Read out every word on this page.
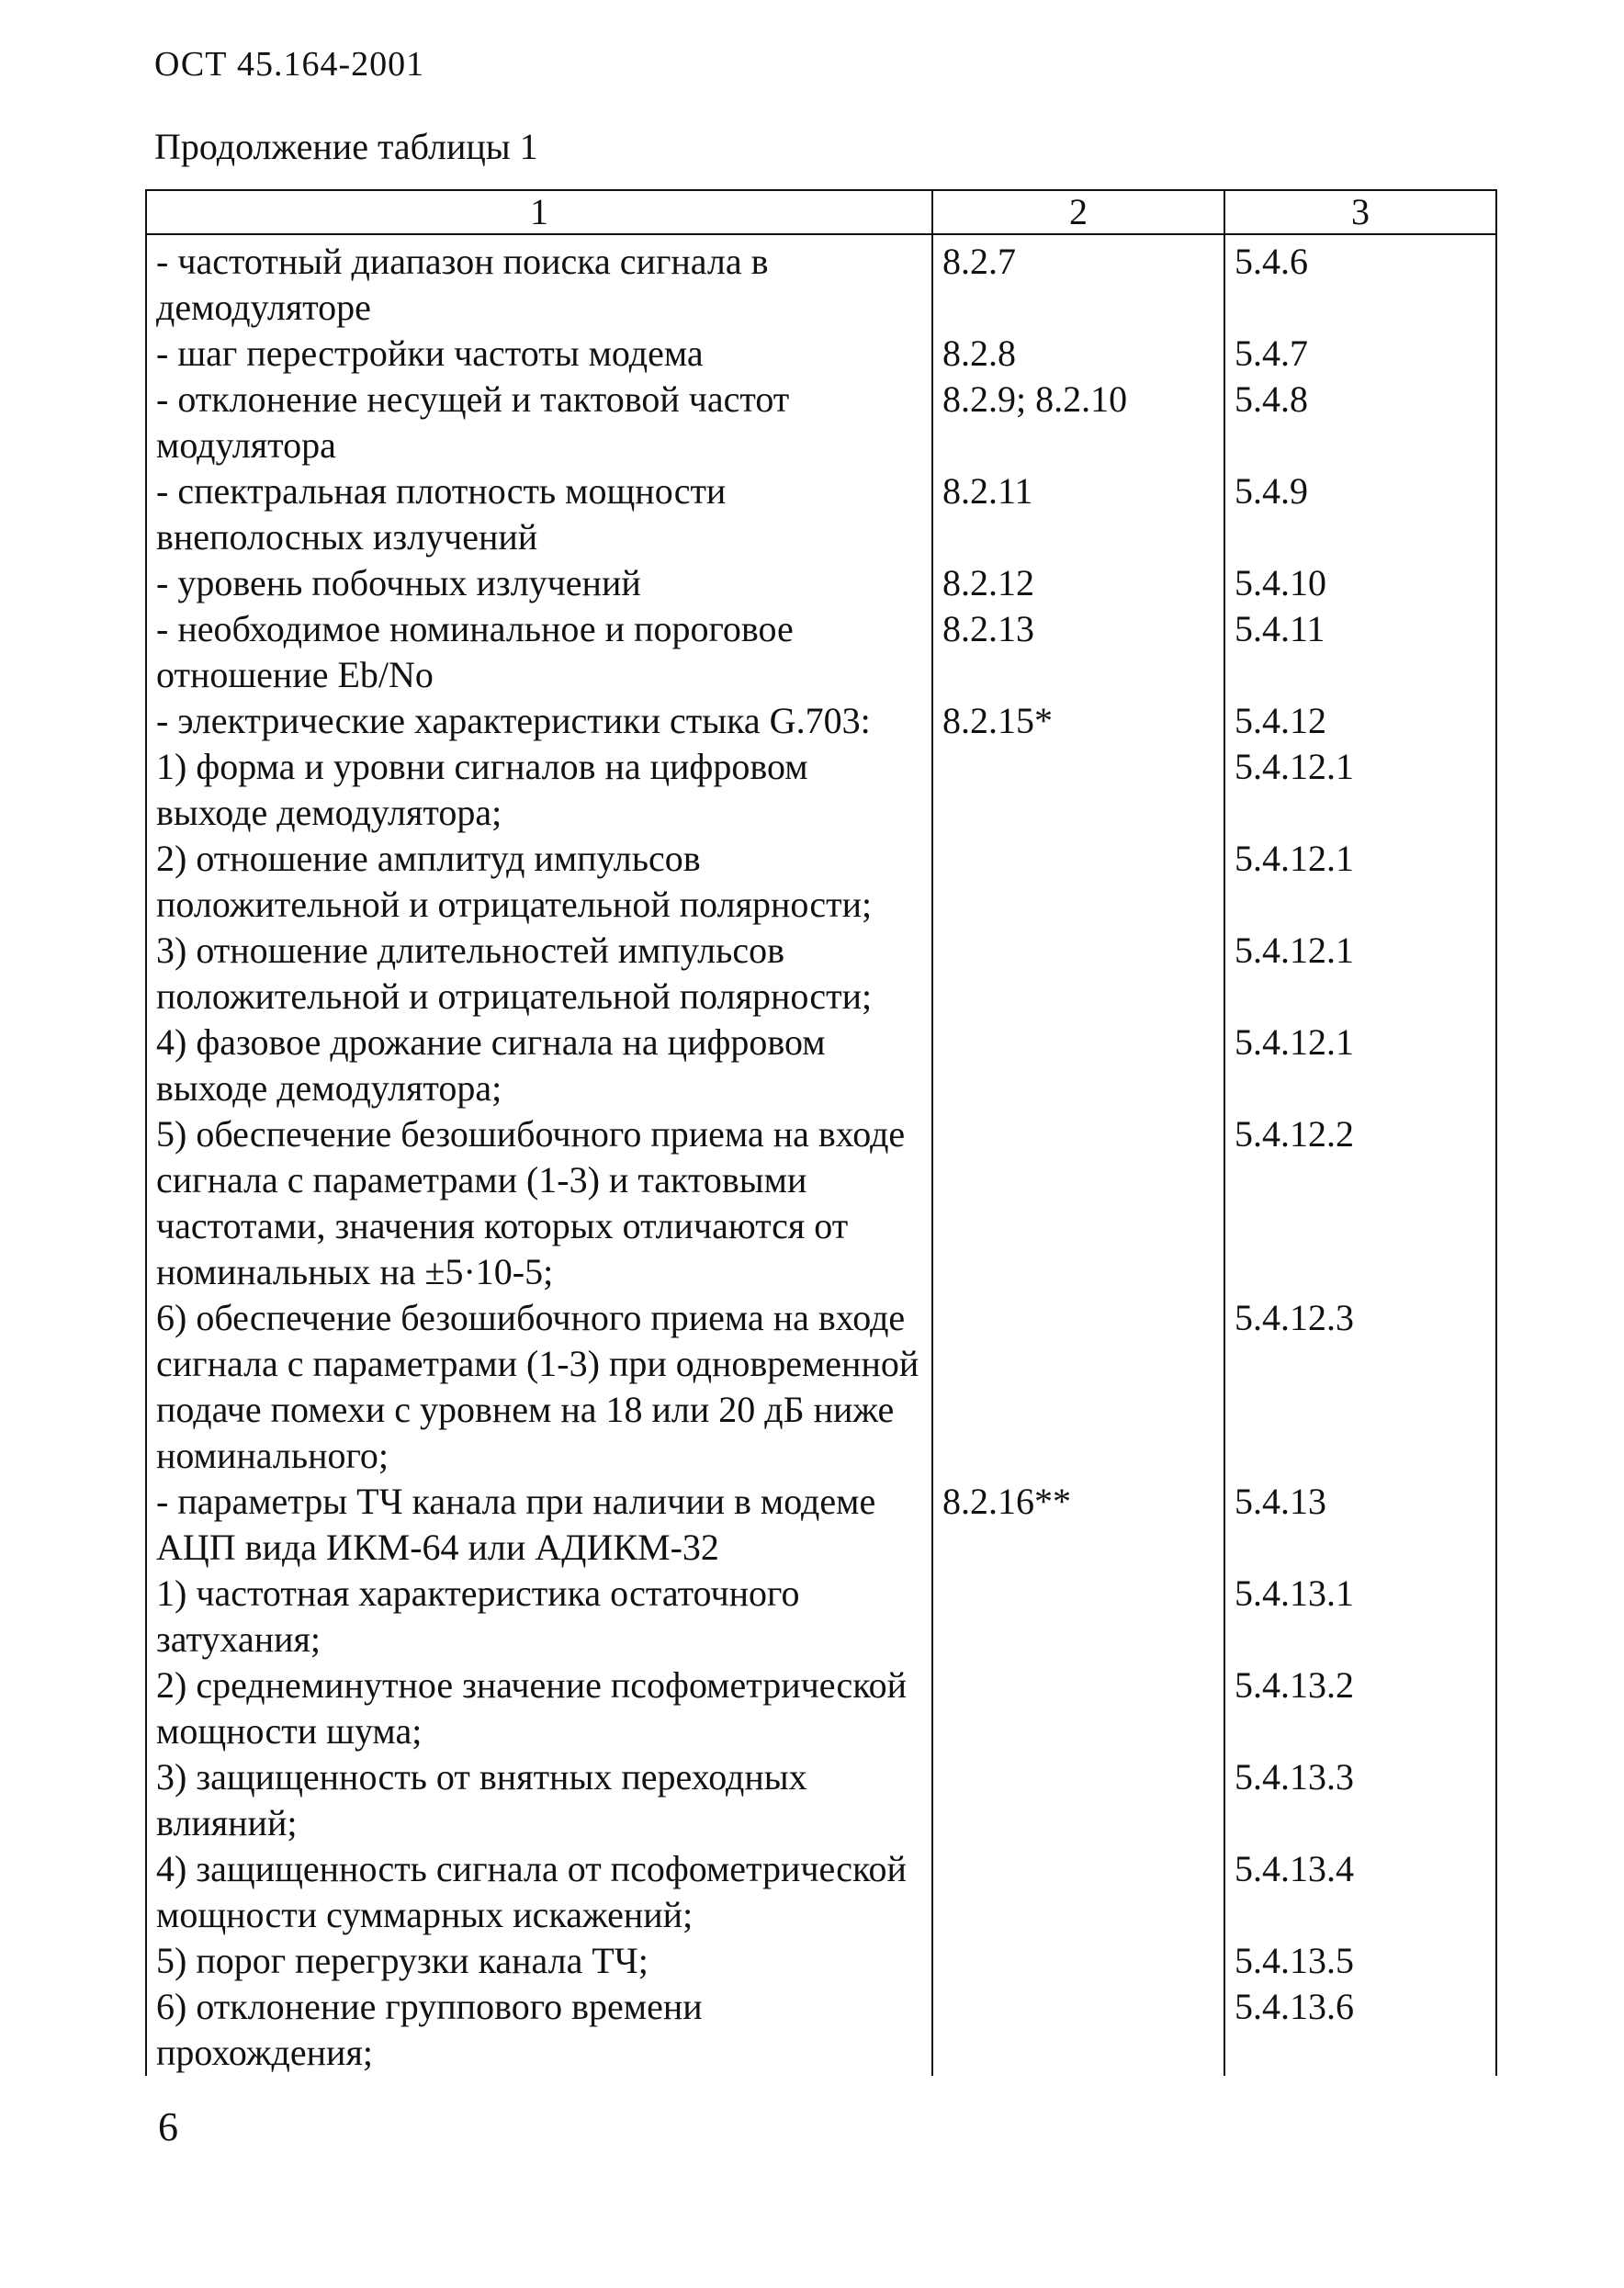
ОСТ 45.164-2001
Продолжение таблицы 1
1	2	3
- частотный диапазон поиска сигнала в демодуляторе	8.2.7	5.4.6
- шаг перестройки частоты модема	8.2.8	5.4.7
- отклонение несущей и тактовой частот модулятора	8.2.9; 8.2.10	5.4.8
- спектральная плотность мощности внеполосных излучений	8.2.11	5.4.9
- уровень побочных излучений	8.2.12	5.4.10
- необходимое номинальное и пороговое отношение Eb/No	8.2.13	5.4.11
- электрические характеристики стыка G.703:	8.2.15*	5.4.12
1) форма и уровни сигналов на цифровом выходе демодулятора;		5.4.12.1
2) отношение амплитуд импульсов положительной и отрицательной полярности;		5.4.12.1
3) отношение длительностей импульсов положительной и отрицательной полярности;		5.4.12.1
4) фазовое дрожание сигнала на цифровом выходе демодулятора;		5.4.12.1
5) обеспечение безошибочного приема на входе сигнала с параметрами (1-3) и тактовыми частотами, значения которых отличаются от номинальных на ±5·10-5;		5.4.12.2
6) обеспечение безошибочного приема на входе сигнала с параметрами (1-3) при одновременной подаче помехи с уровнем на 18 или 20 дБ ниже номинального;		5.4.12.3
- параметры ТЧ канала при наличии в модеме АЦП вида ИКМ-64 или АДИКМ-32	8.2.16**	5.4.13
1) частотная характеристика остаточного затухания;		5.4.13.1
2) среднеминутное значение псофометрической мощности шума;		5.4.13.2
3) защищенность от внятных переходных влияний;		5.4.13.3
4) защищенность сигнала от псофометрической мощности суммарных искажений;		5.4.13.4
5) порог перегрузки канала ТЧ;		5.4.13.5
6) отклонение группового времени прохождения;		5.4.13.6
6
